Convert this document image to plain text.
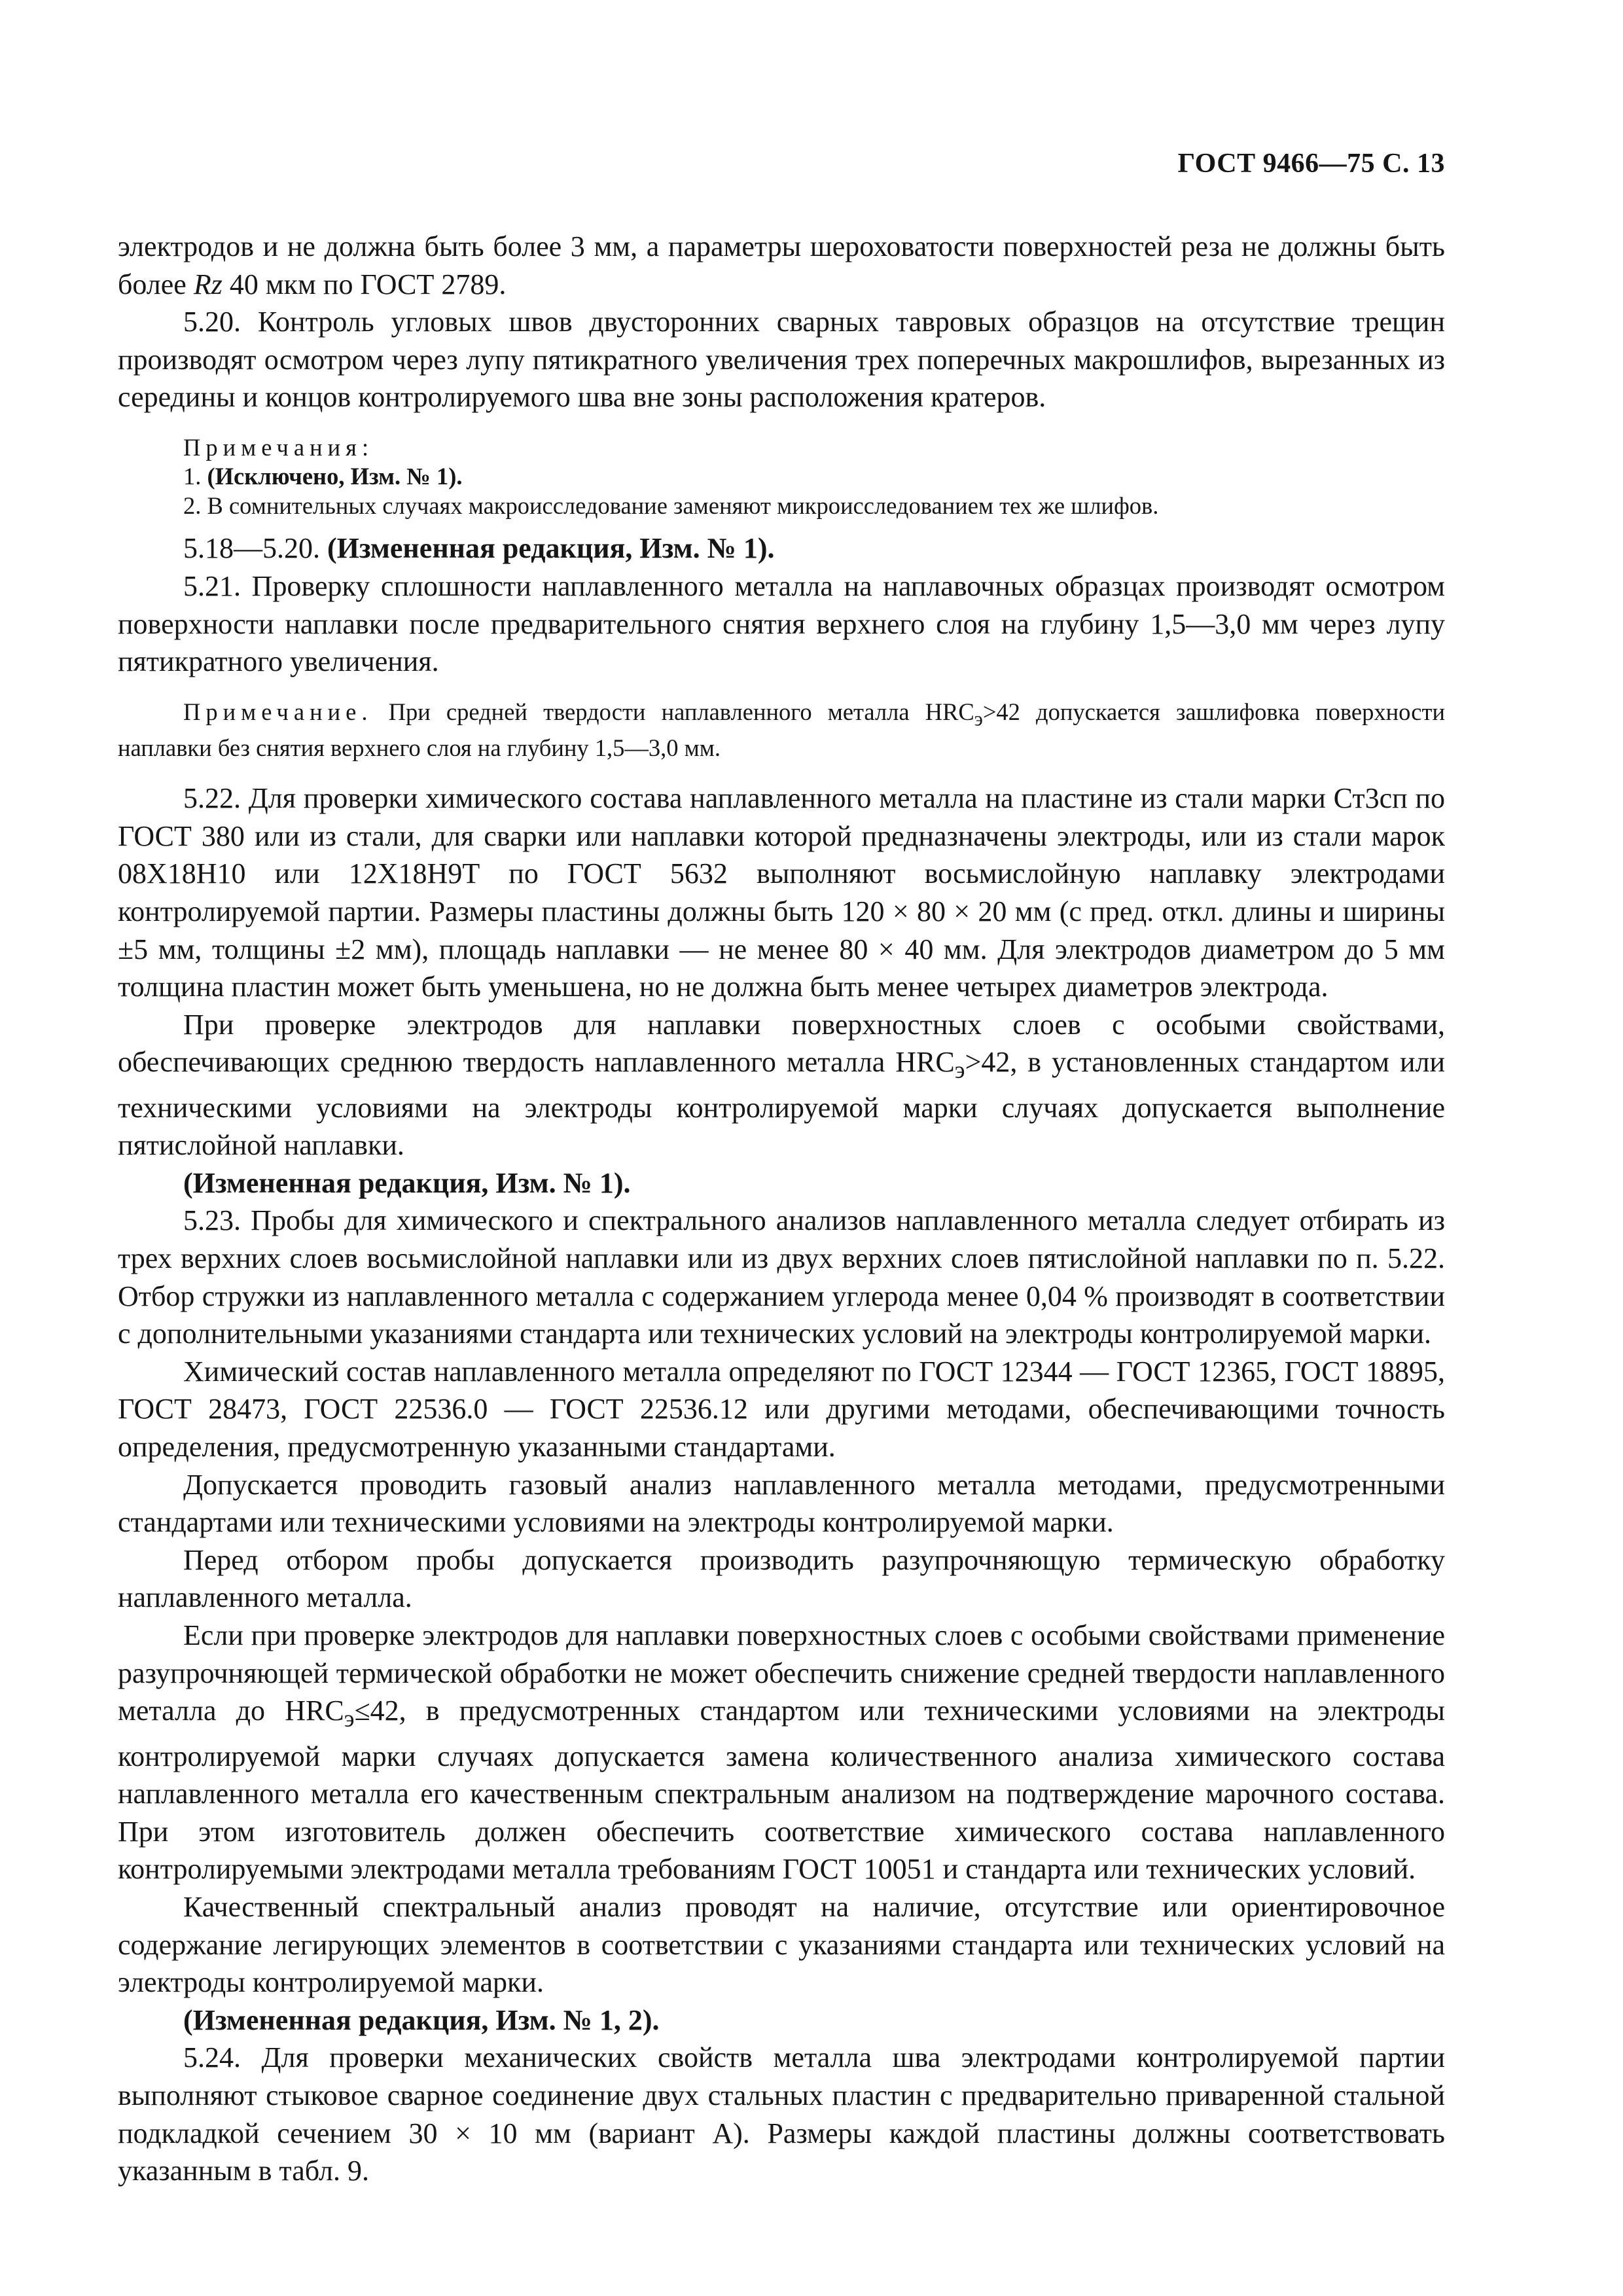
ГОСТ 9466—75 С. 13

электродов и не должна быть более 3 мм, а параметры шероховатости поверхностей реза не должны быть более Rz 40 мкм по ГОСТ 2789.

5.20. Контроль угловых швов двусторонних сварных тавровых образцов на отсутствие трещин производят осмотром через лупу пятикратного увеличения трех поперечных макрошлифов, вырезанных из середины и концов контролируемого шва вне зоны расположения кратеров.

Примечания:
1. (Исключено, Изм. № 1).
2. В сомнительных случаях макроисследование заменяют микроисследованием тех же шлифов.

5.18—5.20. (Измененная редакция, Изм. № 1).

5.21. Проверку сплошности наплавленного металла на наплавочных образцах производят осмотром поверхности наплавки после предварительного снятия верхнего слоя на глубину 1,5—3,0 мм через лупу пятикратного увеличения.

Примечание. При средней твердости наплавленного металла $HRC_э>42$ допускается зашлифовка поверхности наплавки без снятия верхнего слоя на глубину 1,5—3,0 мм.

5.22. Для проверки химического состава наплавленного металла на пластине из стали марки Ст3сп по ГОСТ 380 или из стали, для сварки или наплавки которой предназначены электроды, или из стали марок 08Х18Н10 или 12Х18Н9Т по ГОСТ 5632 выполняют восьмислойную наплавку электродами контролируемой партии. Размеры пластины должны быть 120 × 80 × 20 мм (с пред. откл. длины и ширины ±5 мм, толщины ±2 мм), площадь наплавки — не менее 80 × 40 мм. Для электродов диаметром до 5 мм толщина пластин может быть уменьшена, но не должна быть менее четырех диаметров электрода.

При проверке электродов для наплавки поверхностных слоев с особыми свойствами, обеспечивающих среднюю твердость наплавленного металла $HRC_э>42$, в установленных стандартом или техническими условиями на электроды контролируемой марки случаях допускается выполнение пятислойной наплавки.

(Измененная редакция, Изм. № 1).

5.23. Пробы для химического и спектрального анализов наплавленного металла следует отбирать из трех верхних слоев восьмислойной наплавки или из двух верхних слоев пятислойной наплавки по п. 5.22. Отбор стружки из наплавленного металла с содержанием углерода менее 0,04 % производят в соответствии с дополнительными указаниями стандарта или технических условий на электроды контролируемой марки.

Химический состав наплавленного металла определяют по ГОСТ 12344 — ГОСТ 12365, ГОСТ 18895, ГОСТ 28473, ГОСТ 22536.0 — ГОСТ 22536.12 или другими методами, обеспечивающими точность определения, предусмотренную указанными стандартами.

Допускается проводить газовый анализ наплавленного металла методами, предусмотренными стандартами или техническими условиями на электроды контролируемой марки.

Перед отбором пробы допускается производить разупрочняющую термическую обработку наплавленного металла.

Если при проверке электродов для наплавки поверхностных слоев с особыми свойствами применение разупрочняющей термической обработки не может обеспечить снижение средней твердости наплавленного металла до $HRC_э\le 42$, в предусмотренных стандартом или техническими условиями на электроды контролируемой марки случаях допускается замена количественного анализа химического состава наплавленного металла его качественным спектральным анализом на подтверждение марочного состава. При этом изготовитель должен обеспечить соответствие химического состава наплавленного контролируемыми электродами металла требованиям ГОСТ 10051 и стандарта или технических условий.

Качественный спектральный анализ проводят на наличие, отсутствие или ориентировочное содержание легирующих элементов в соответствии с указаниями стандарта или технических условий на электроды контролируемой марки.

(Измененная редакция, Изм. № 1, 2).

5.24. Для проверки механических свойств металла шва электродами контролируемой партии выполняют стыковое сварное соединение двух стальных пластин с предварительно приваренной стальной подкладкой сечением 30 × 10 мм (вариант А). Размеры каждой пластины должны соответствовать указанным в табл. 9.
